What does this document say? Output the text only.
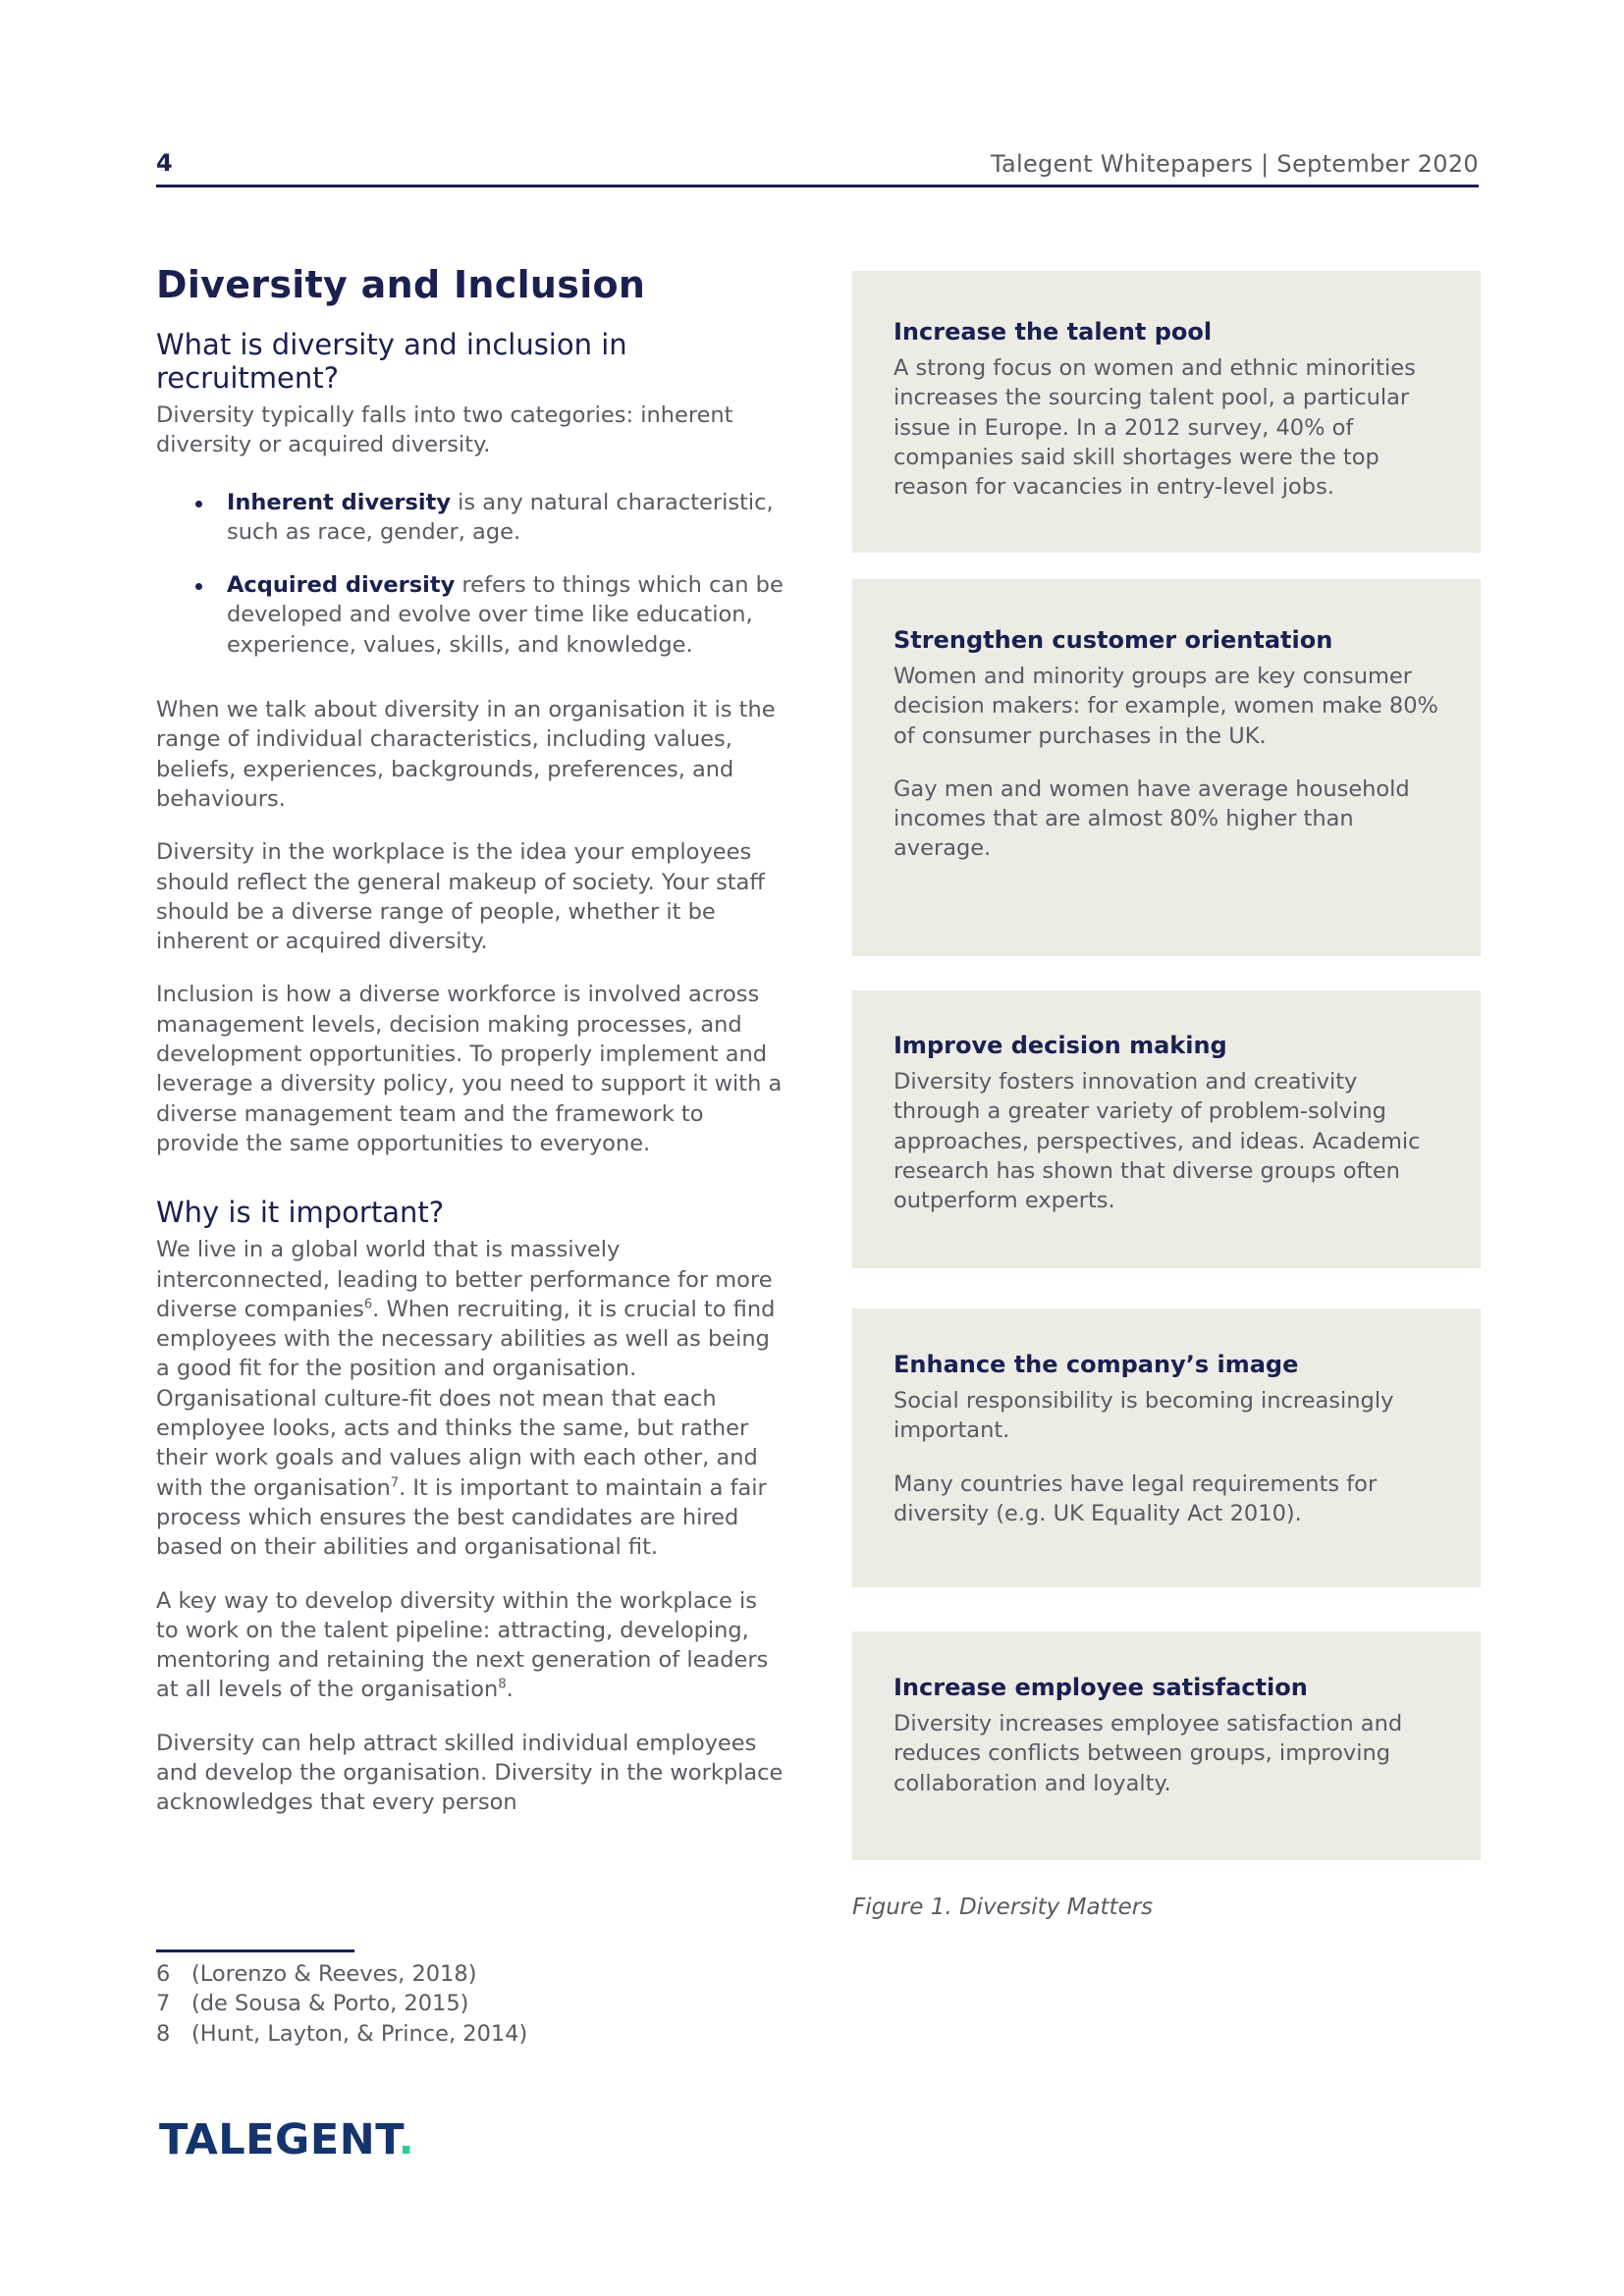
4	Talegent Whitepapers | September 2020
Diversity and Inclusion
What is diversity and inclusion in recruitment?

Diversity typically falls into two categories: inherent diversity or acquired diversity.

Inherent diversity is any natural characteristic, such as race, gender, age.
Acquired diversity refers to things which can be developed and evolve over time like education, experience, values, skills, and knowledge.

When we talk about diversity in an organisation it is the range of individual characteristics, including values, beliefs, experiences, backgrounds, preferences, and behaviours.

Diversity in the workplace is the idea your employees should reflect the general makeup of society. Your staff should be a diverse range of people, whether it be inherent or acquired diversity.

Inclusion is how a diverse workforce is involved across management levels, decision making processes, and development opportunities. To properly implement and leverage a diversity policy, you need to support it with a diverse management team and the framework to provide the same opportunities to everyone.

Why is it important?

We live in a global world that is massively interconnected, leading to better performance for more diverse companies$^6$. When recruiting, it is crucial to find employees with the necessary abilities as well as being a good fit for the position and organisation. Organisational culture-fit does not mean that each employee looks, acts and thinks the same, but rather their work goals and values align with each other, and with the organisation$^7$. It is important to maintain a fair process which ensures the best candidates are hired based on their abilities and organisational fit.

A key way to develop diversity within the workplace is to work on the talent pipeline: attracting, developing, mentoring and retaining the next generation of leaders at all levels of the organisation$^8$.

Diversity can help attract skilled individual employees and develop the organisation. Diversity in the workplace acknowledges that every person

6 (Lorenzo & Reeves, 2018)
7 (de Sousa & Porto, 2015)
8 (Hunt, Layton, & Prince, 2014)
TALEGENT.
Increase the talent pool

A strong focus on women and ethnic minorities increases the sourcing talent pool, a particular issue in Europe. In a 2012 survey, 40% of companies said skill shortages were the top reason for vacancies in entry-level jobs.

Strengthen customer orientation

Women and minority groups are key consumer decision makers: for example, women make 80% of consumer purchases in the UK.

Gay men and women have average household incomes that are almost 80% higher than average.

Improve decision making

Diversity fosters innovation and creativity through a greater variety of problem-solving approaches, perspectives, and ideas. Academic research has shown that diverse groups often outperform experts.

Enhance the company’s image

Social responsibility is becoming increasingly important.

Many countries have legal requirements for diversity (e.g. UK Equality Act 2010).

Increase employee satisfaction

Diversity increases employee satisfaction and reduces conflicts between groups, improving collaboration and loyalty.

Figure 1. Diversity Matters
